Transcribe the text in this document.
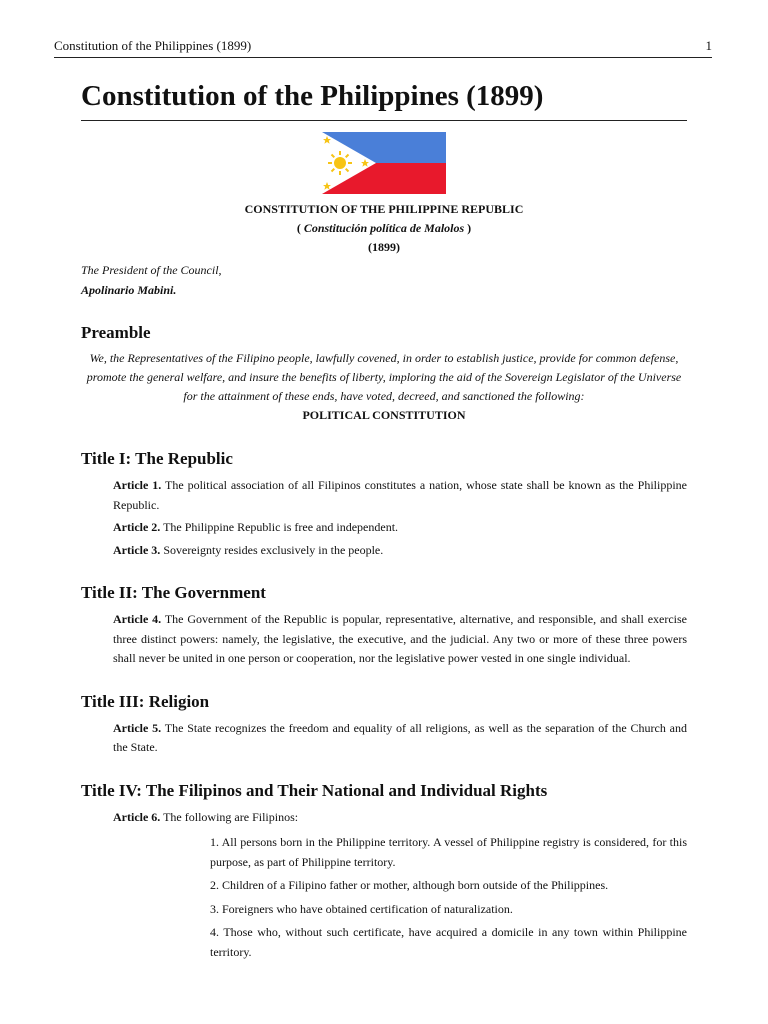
Constitution of the Philippines (1899)	1
Constitution of the Philippines (1899)
CONSTITUTION OF THE PHILIPPINE REPUBLIC
( Constitución política de Malolos )
(1899)
The President of the Council,
Apolinario Mabini.
Preamble
We, the Representatives of the Filipino people, lawfully covened, in order to establish justice, provide for common defense, promote the general welfare, and insure the benefits of liberty, imploring the aid of the Sovereign Legislator of the Universe for the attainment of these ends, have voted, decreed, and sanctioned the following:
POLITICAL CONSTITUTION
Title I: The Republic
Article 1. The political association of all Filipinos constitutes a nation, whose state shall be known as the Philippine Republic.
Article 2. The Philippine Republic is free and independent.
Article 3. Sovereignty resides exclusively in the people.
Title II: The Government
Article 4. The Government of the Republic is popular, representative, alternative, and responsible, and shall exercise three distinct powers: namely, the legislative, the executive, and the judicial. Any two or more of these three powers shall never be united in one person or cooperation, nor the legislative power vested in one single individual.
Title III: Religion
Article 5. The State recognizes the freedom and equality of all religions, as well as the separation of the Church and the State.
Title IV: The Filipinos and Their National and Individual Rights
Article 6. The following are Filipinos:
1. All persons born in the Philippine territory. A vessel of Philippine registry is considered, for this purpose, as part of Philippine territory.
2. Children of a Filipino father or mother, although born outside of the Philippines.
3. Foreigners who have obtained certification of naturalization.
4. Those who, without such certificate, have acquired a domicile in any town within Philippine territory.
